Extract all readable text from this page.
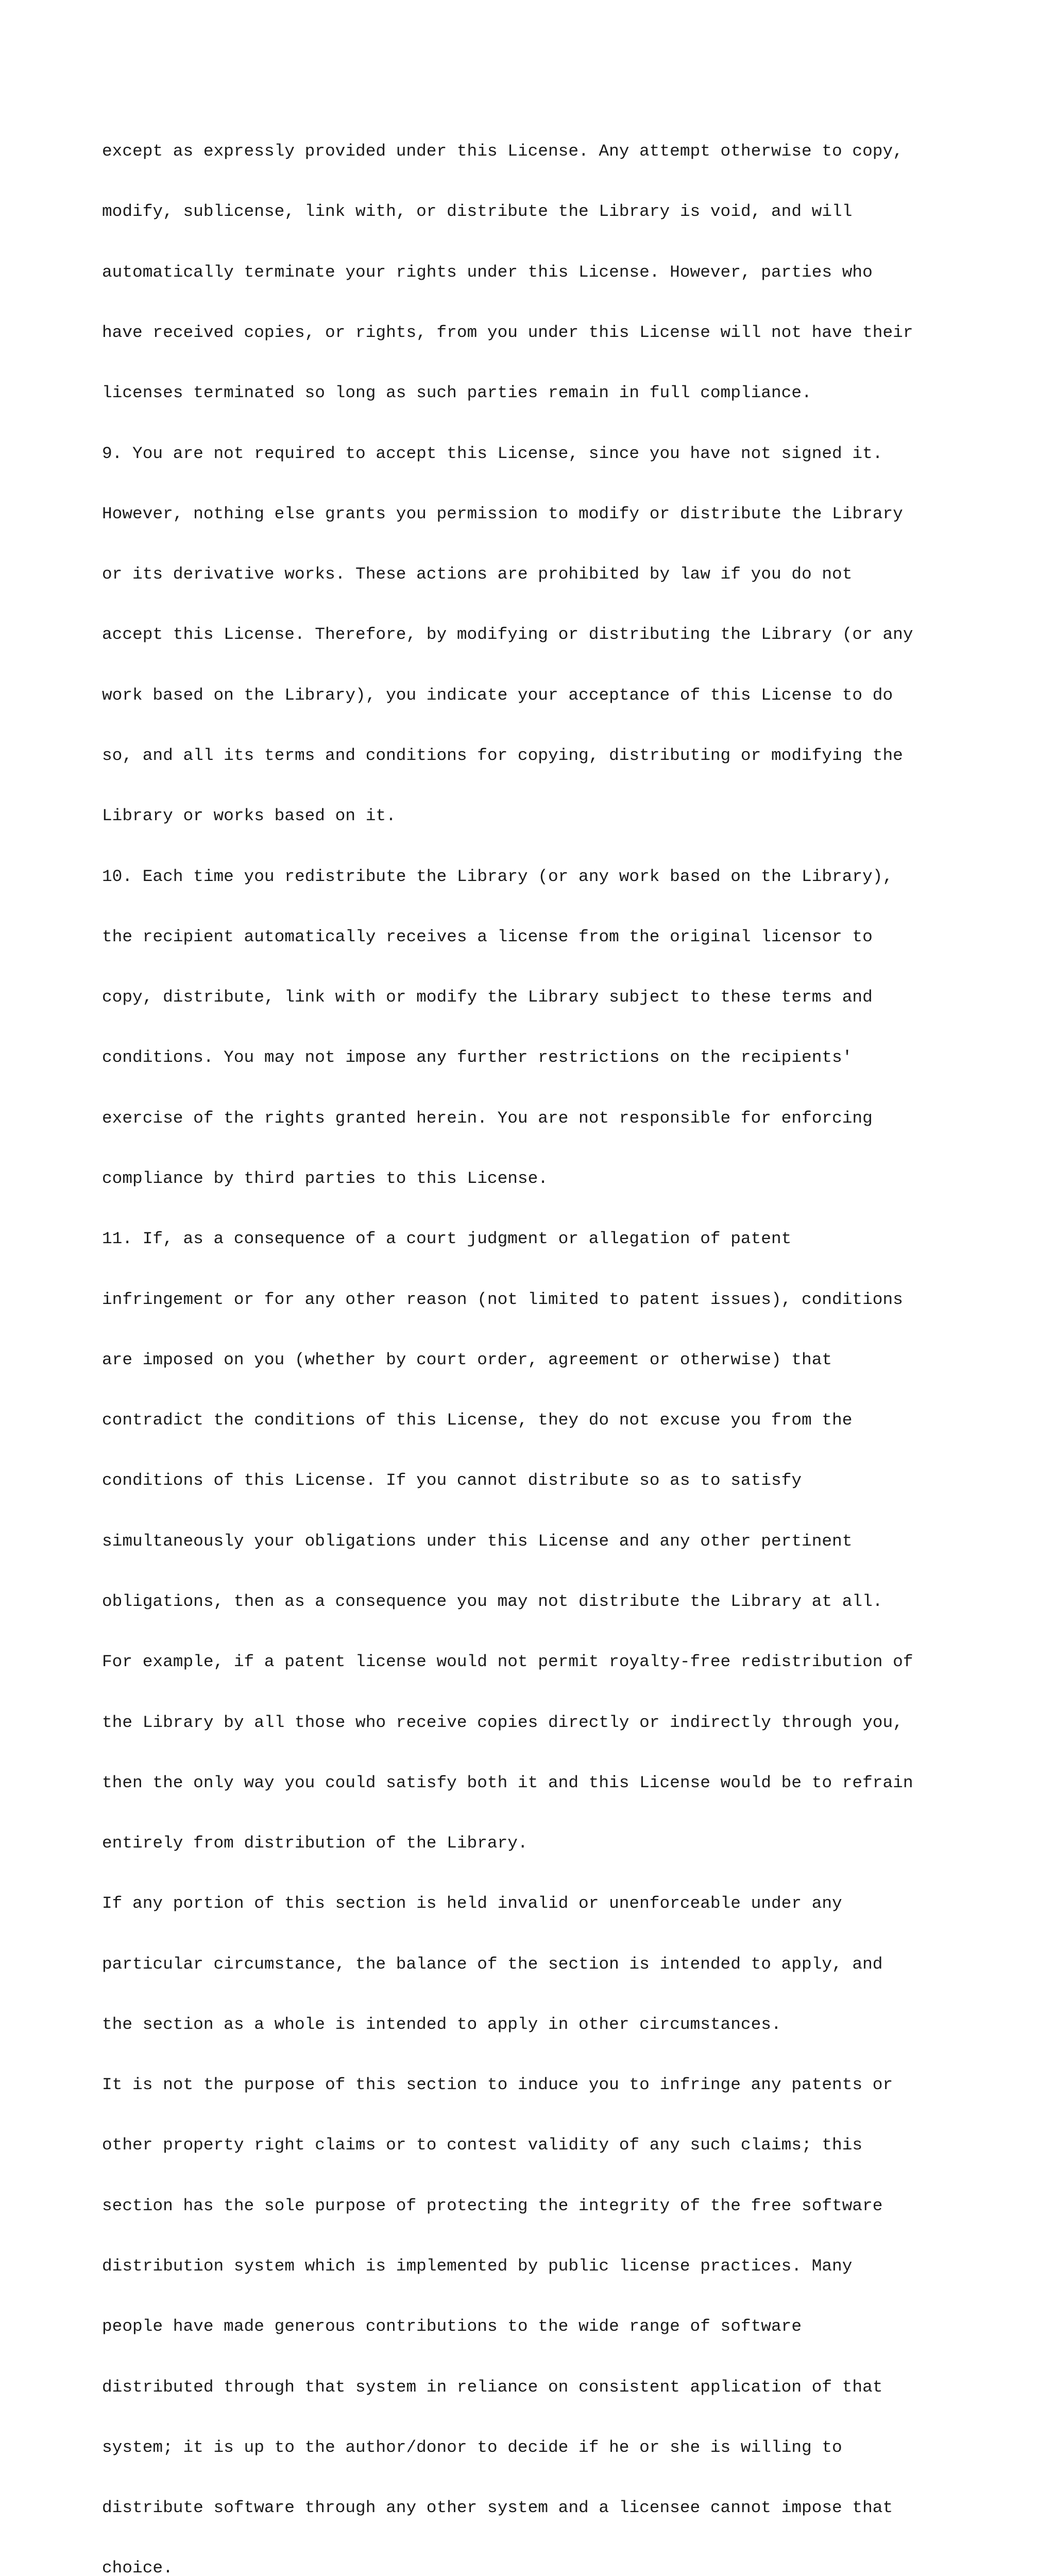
except as expressly provided under this License. Any attempt otherwise to copy,

modify, sublicense, link with, or distribute the Library is void, and will

automatically terminate your rights under this License. However, parties who

have received copies, or rights, from you under this License will not have their

licenses terminated so long as such parties remain in full compliance.

9. You are not required to accept this License, since you have not signed it.

However, nothing else grants you permission to modify or distribute the Library

or its derivative works. These actions are prohibited by law if you do not

accept this License. Therefore, by modifying or distributing the Library (or any

work based on the Library), you indicate your acceptance of this License to do

so, and all its terms and conditions for copying, distributing or modifying the

Library or works based on it.

10. Each time you redistribute the Library (or any work based on the Library),

the recipient automatically receives a license from the original licensor to

copy, distribute, link with or modify the Library subject to these terms and

conditions. You may not impose any further restrictions on the recipients'

exercise of the rights granted herein. You are not responsible for enforcing

compliance by third parties to this License.

11. If, as a consequence of a court judgment or allegation of patent

infringement or for any other reason (not limited to patent issues), conditions

are imposed on you (whether by court order, agreement or otherwise) that

contradict the conditions of this License, they do not excuse you from the

conditions of this License. If you cannot distribute so as to satisfy

simultaneously your obligations under this License and any other pertinent

obligations, then as a consequence you may not distribute the Library at all.

For example, if a patent license would not permit royalty-free redistribution of

the Library by all those who receive copies directly or indirectly through you,

then the only way you could satisfy both it and this License would be to refrain

entirely from distribution of the Library.

If any portion of this section is held invalid or unenforceable under any

particular circumstance, the balance of the section is intended to apply, and

the section as a whole is intended to apply in other circumstances.

It is not the purpose of this section to induce you to infringe any patents or

other property right claims or to contest validity of any such claims; this

section has the sole purpose of protecting the integrity of the free software

distribution system which is implemented by public license practices. Many

people have made generous contributions to the wide range of software

distributed through that system in reliance on consistent application of that

system; it is up to the author/donor to decide if he or she is willing to

distribute software through any other system and a licensee cannot impose that

choice.
